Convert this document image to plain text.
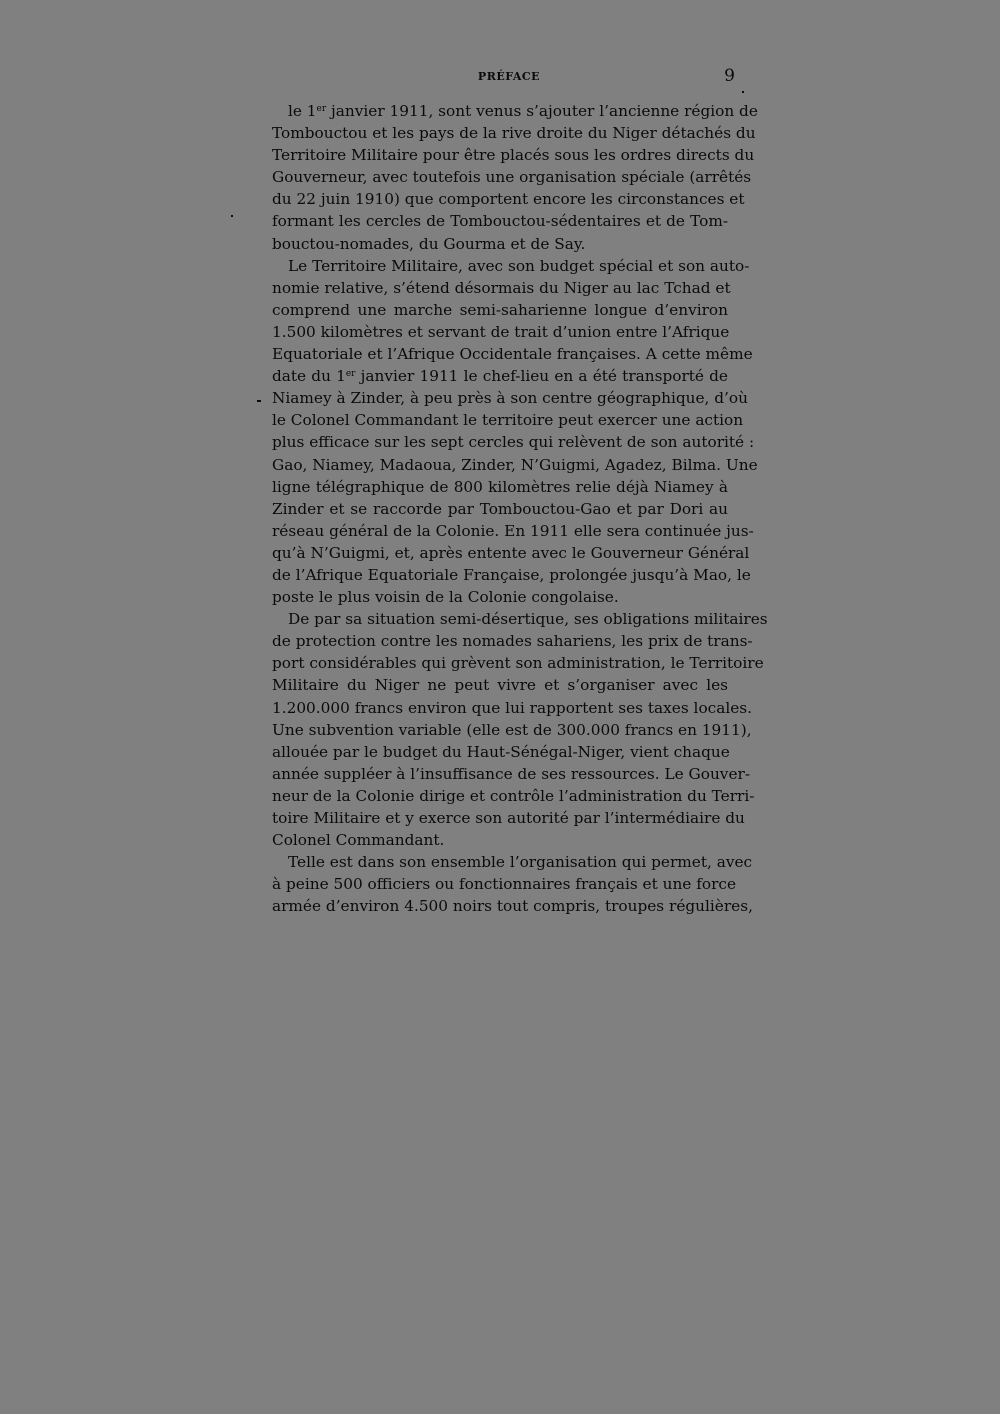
PRÉFACE	9
le 1er janvier 1911, sont venus s’ajouter l’ancienne région de
Tombouctou et les pays de la rive droite du Niger détachés du
Territoire Militaire pour être placés sous les ordres directs du
Gouverneur, avec toutefois une organisation spéciale (arrêtés
du 22 juin 1910) que comportent encore les circonstances et
formant les cercles de Tombouctou-sédentaires et de Tom-
bouctou-nomades, du Gourma et de Say.
Le Territoire Militaire, avec son budget spécial et son auto-
nomie relative, s’étend désormais du Niger au lac Tchad et
comprend une marche semi-saharienne longue d’environ
1.500 kilomètres et servant de trait d’union entre l’Afrique
Equatoriale et l’Afrique Occidentale françaises. A cette même
date du 1er janvier 1911 le chef-lieu en a été transporté de
Niamey à Zinder, à peu près à son centre géographique, d’où
le Colonel Commandant le territoire peut exercer une action
plus efficace sur les sept cercles qui relèvent de son autorité :
Gao, Niamey, Madaoua, Zinder, N’Guigmi, Agadez, Bilma. Une
ligne télégraphique de 800 kilomètres relie déjà Niamey à
Zinder et se raccorde par Tombouctou-Gao et par Dori au
réseau général de la Colonie. En 1911 elle sera continuée jus-
qu’à N’Guigmi, et, après entente avec le Gouverneur Général
de l’Afrique Equatoriale Française, prolongée jusqu’à Mao, le
poste le plus voisin de la Colonie congolaise.
De par sa situation semi-désertique, ses obligations militaires
de protection contre les nomades sahariens, les prix de trans-
port considérables qui grèvent son administration, le Territoire
Militaire du Niger ne peut vivre et s’organiser avec les
1.200.000 francs environ que lui rapportent ses taxes locales.
Une subvention variable (elle est de 300.000 francs en 1911),
allouée par le budget du Haut-Sénégal-Niger, vient chaque
année suppléer à l’insuffisance de ses ressources. Le Gouver-
neur de la Colonie dirige et contrôle l’administration du Terri-
toire Militaire et y exerce son autorité par l’intermédiaire du
Colonel Commandant.
Telle est dans son ensemble l’organisation qui permet, avec
à peine 500 officiers ou fonctionnaires français et une force
armée d’environ 4.500 noirs tout compris, troupes régulières,
